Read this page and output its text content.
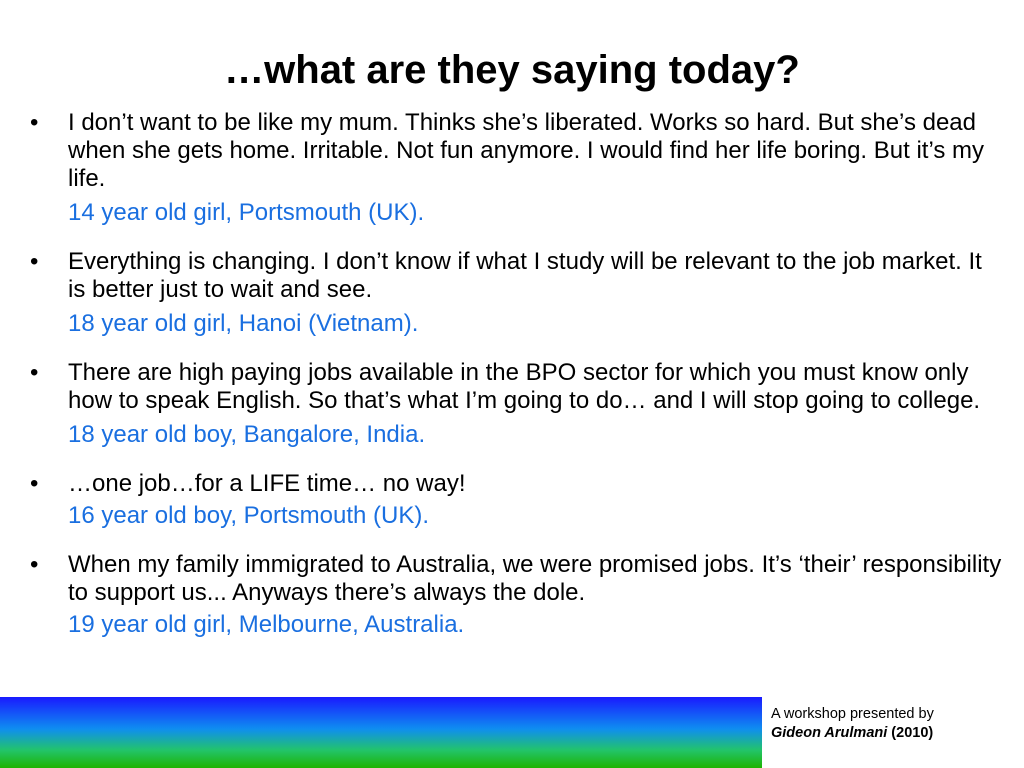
…what are they saying today?
•	I don’t want to be like my mum. Thinks she’s liberated. Works so hard. But she’s dead when she gets home. Irritable. Not fun anymore. I would find her life boring. But it’s my life.

14 year old girl, Portsmouth (UK).

•	Everything is changing. I don’t know if what I study will be relevant to the job market. It is better just to wait and see.

18 year old girl, Hanoi (Vietnam).

•	There are high paying jobs available in the BPO sector for which you must know only how to speak English. So that’s what I’m going to do… and I will stop going to college.

18 year old boy, Bangalore, India.

•	…one job…for a LIFE time… no way!

16 year old boy, Portsmouth (UK).

•	When my family immigrated to Australia, we were promised jobs. It’s ‘their’ responsibility to support us... Anyways there’s always the dole.

19 year old girl, Melbourne, Australia.

A workshop presented by
Gideon Arulmani (2010)
